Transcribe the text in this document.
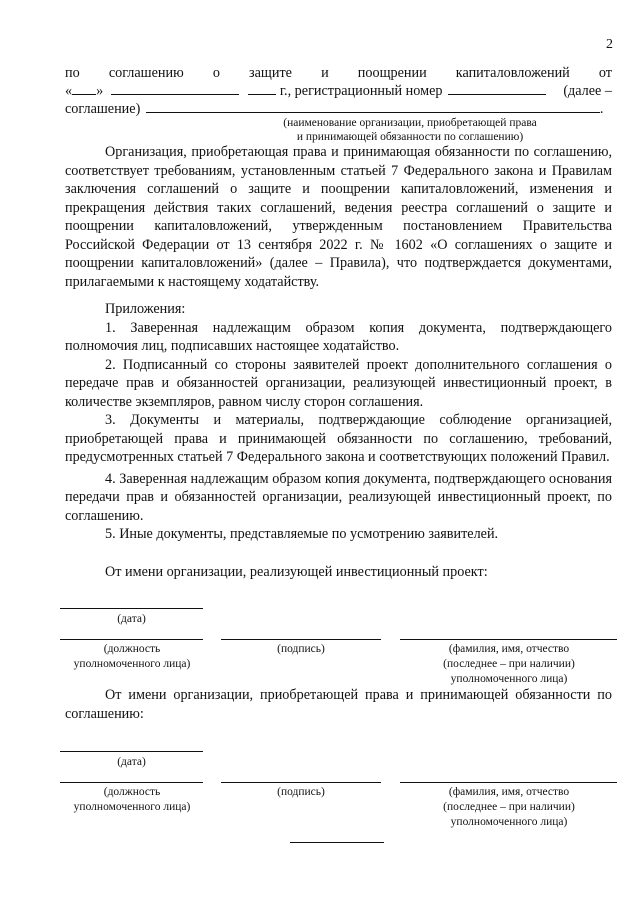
2
по соглашению о защите и поощрении капиталовложений от
« »	г., регистрационный номер	(далее –
соглашение)	.
(наименование организации, приобретающей права
и принимающей обязанности по соглашению)

Организация, приобретающая права и принимающая обязанности по соглашению, соответствует требованиям, установленным статьей 7 Федерального закона и Правилам заключения соглашений о защите и поощрении капиталовложений, изменения и прекращения действия таких соглашений, ведения реестра соглашений о защите и поощрении капиталовложений, утвержденным постановлением Правительства Российской Федерации от 13 сентября 2022 г. № 1602 «О соглашениях о защите и поощрении капиталовложений» (далее – Правила), что подтверждается документами, прилагаемыми к настоящему ходатайству.

Приложения:

1. Заверенная надлежащим образом копия документа, подтверждающего полномочия лиц, подписавших настоящее ходатайство.

2. Подписанный со стороны заявителей проект дополнительного соглашения о передаче прав и обязанностей организации, реализующей инвестиционный проект, в количестве экземпляров, равном числу сторон соглашения.

3. Документы и материалы, подтверждающие соблюдение организацией, приобретающей права и принимающей обязанности по соглашению, требований, предусмотренных статьей 7 Федерального закона и соответствующих положений Правил.

4. Заверенная надлежащим образом копия документа, подтверждающего основания передачи прав и обязанностей организации, реализующей инвестиционный проект, по соглашению.

5. Иные документы, представляемые по усмотрению заявителей.

От имени организации, реализующей инвестиционный проект:

(дата)
(должность уполномоченного лица)
(подпись)	(фамилия, имя, отчество (последнее – при наличии) уполномоченного лица)

От имени организации, приобретающей права и принимающей обязанности по соглашению:

(дата)
(должность уполномоченного лица)
(подпись)	(фамилия, имя, отчество (последнее – при наличии) уполномоченного лица)
